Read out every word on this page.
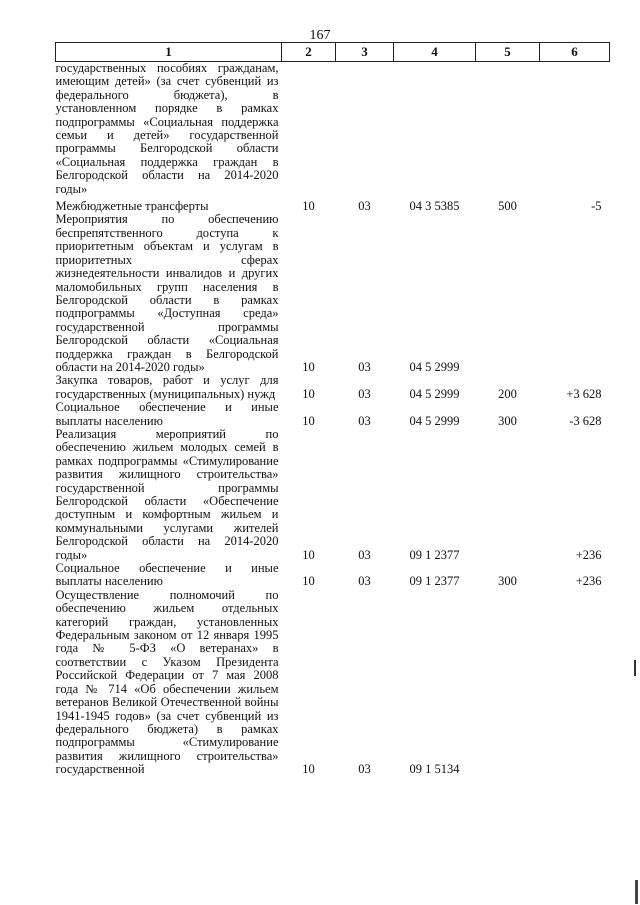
167
1	2	3	4	5	6
государственных пособиях гражданам, имеющим детей» (за счет субвенций из федерального бюджета), в установленном порядке в рамках подпрограммы «Социальная поддержка семьи и детей» государственной программы Белгородской области «Социальная поддержка граждан в Белгородской области на 2014-2020 годы»					
Межбюджетные трансферты	10	03	04 3 5385	500	-5
Мероприятия по обеспечению беспрепятственного доступа к приоритетным объектам и услугам в приоритетных сферах жизнедеятельности инвалидов и других маломобильных групп населения в Белгородской области в рамках подпрограммы «Доступная среда» государственной программы Белгородской области «Социальная поддержка граждан в Белгородской области на 2014-2020 годы»	10	03	04 5 2999		
Закупка товаров, работ и услуг для государственных (муниципальных) нужд	10	03	04 5 2999	200	+3 628
Социальное обеспечение и иные выплаты населению	10	03	04 5 2999	300	-3 628
Реализация мероприятий по обеспечению жильем молодых семей в рамках подпрограммы «Стимулирование развития жилищного строительства» государственной программы Белгородской области «Обеспечение доступным и комфортным жильем и коммунальными услугами жителей Белгородской области на 2014-2020 годы»	10	03	09 1 2377		+236
Социальное обеспечение и иные выплаты населению	10	03	09 1 2377	300	+236
Осуществление полномочий по обеспечению жильем отдельных категорий граждан, установленных Федеральным законом от 12 января 1995 года № 5-ФЗ «О ветеранах» в соответствии с Указом Президента Российской Федерации от 7 мая 2008 года № 714 «Об обеспечении жильем ветеранов Великой Отечественной войны 1941-1945 годов» (за счет субвенций из федерального бюджета) в рамках подпрограммы «Стимулирование развития жилищного строительства» государственной	10	03	09 1 5134		
